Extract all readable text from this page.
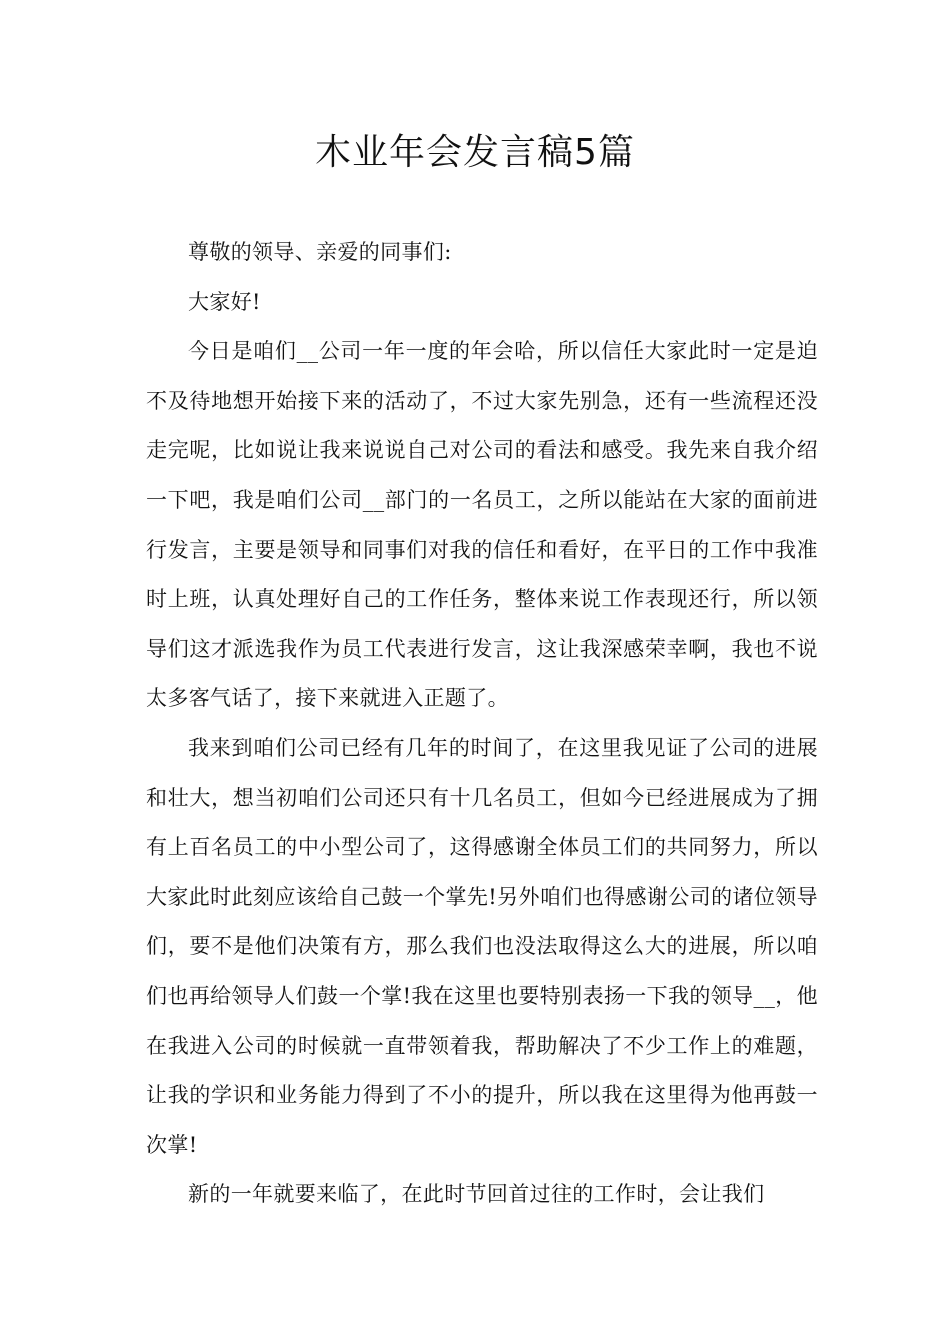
木业年会发言稿5篇

尊敬的领导、亲爱的同事们:

大家好!

今日是咱们__公司一年一度的年会哈，所以信任大家此时一定是迫不及待地想开始接下来的活动了，不过大家先别急，还有一些流程还没走完呢，比如说让我来说说自己对公司的看法和感受。我先来自我介绍一下吧，我是咱们公司__部门的一名员工，之所以能站在大家的面前进行发言，主要是领导和同事们对我的信任和看好，在平日的工作中我准时上班，认真处理好自己的工作任务，整体来说工作表现还行，所以领导们这才派选我作为员工代表进行发言，这让我深感荣幸啊，我也不说太多客气话了，接下来就进入正题了。

我来到咱们公司已经有几年的时间了，在这里我见证了公司的进展和壮大，想当初咱们公司还只有十几名员工，但如今已经进展成为了拥有上百名员工的中小型公司了，这得感谢全体员工们的共同努力，所以大家此时此刻应该给自己鼓一个掌先!另外咱们也得感谢公司的诸位领导们，要不是他们决策有方，那么我们也没法取得这么大的进展，所以咱们也再给领导人们鼓一个掌!我在这里也要特别表扬一下我的领导__，他在我进入公司的时候就一直带领着我，帮助解决了不少工作上的难题，让我的学识和业务能力得到了不小的提升，所以我在这里得为他再鼓一次掌!

新的一年就要来临了，在此时节回首过往的工作时，会让我们
